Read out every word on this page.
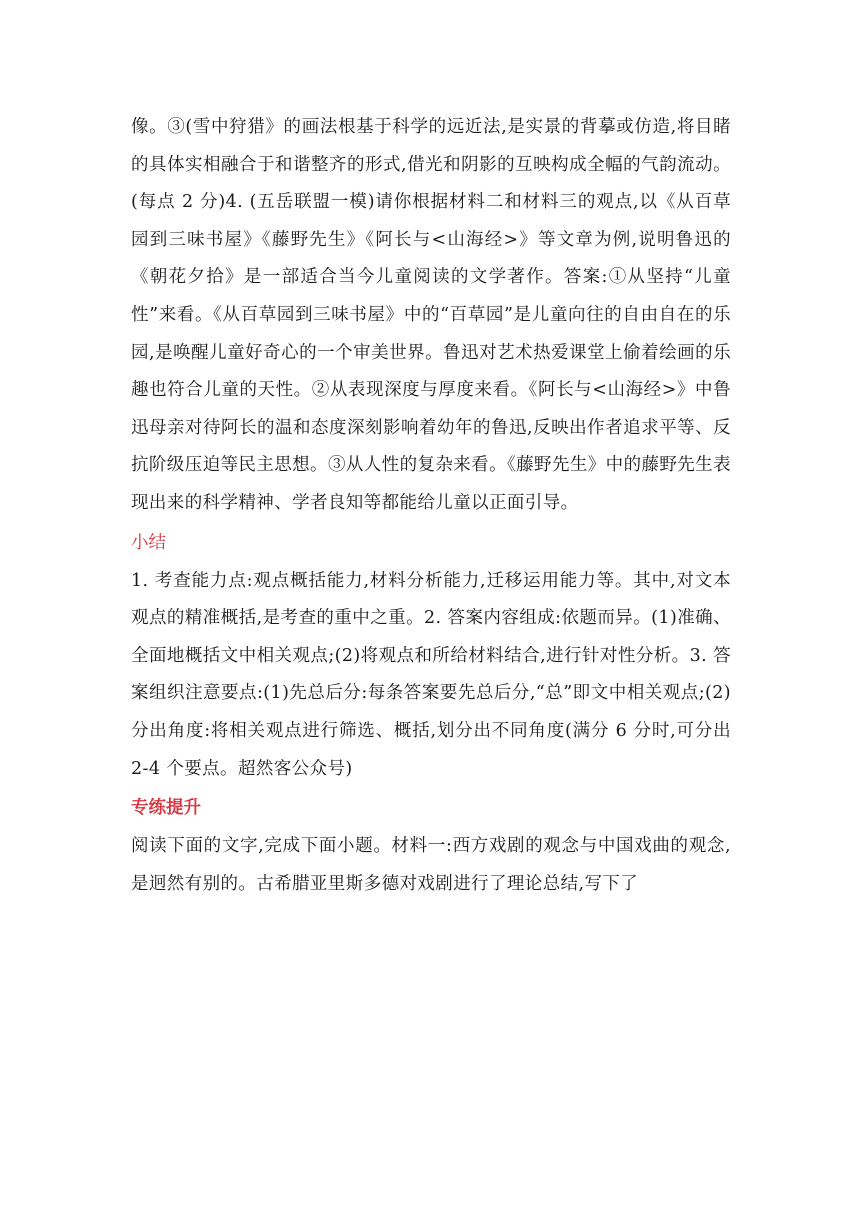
像。③(雪中狩猎》的画法根基于科学的远近法,是实景的背摹或仿造,将目睹的具体实相融合于和谐整齐的形式,借光和阴影的互映构成全幅的气韵流动。(每点 2 分)4. (五岳联盟一模)请你根据材料二和材料三的观点,以《从百草园到三味书屋》《藤野先生》《阿长与<山海经>》等文章为例,说明鲁迅的《朝花夕拾》是一部适合当今儿童阅读的文学著作。答案:①从坚持“儿童性”来看。《从百草园到三味书屋》中的“百草园”是儿童向往的自由自在的乐园,是唤醒儿童好奇心的一个审美世界。鲁迅对艺术热爱课堂上偷着绘画的乐趣也符合儿童的天性。②从表现深度与厚度来看。《阿长与<山海经>》中鲁迅母亲对待阿长的温和态度深刻影响着幼年的鲁迅,反映出作者追求平等、反抗阶级压迫等民主思想。③从人性的复杂来看。《藤野先生》中的藤野先生表现出来的科学精神、学者良知等都能给儿童以正面引导。

小结

1. 考查能力点:观点概括能力,材料分析能力,迁移运用能力等。其中,对文本观点的精准概括,是考查的重中之重。2. 答案内容组成:依题而异。(1)准确、全面地概括文中相关观点;(2)将观点和所给材料结合,进行针对性分析。3. 答案组织注意要点:(1)先总后分:每条答案要先总后分,“总”即文中相关观点;(2)分出角度:将相关观点进行筛选、概括,划分出不同角度(满分 6 分时,可分出 2-4 个要点。超然客公众号)

专练提升

阅读下面的文字,完成下面小题。材料一:西方戏剧的观念与中国戏曲的观念,是迥然有别的。古希腊亚里斯多德对戏剧进行了理论总结,写下了
